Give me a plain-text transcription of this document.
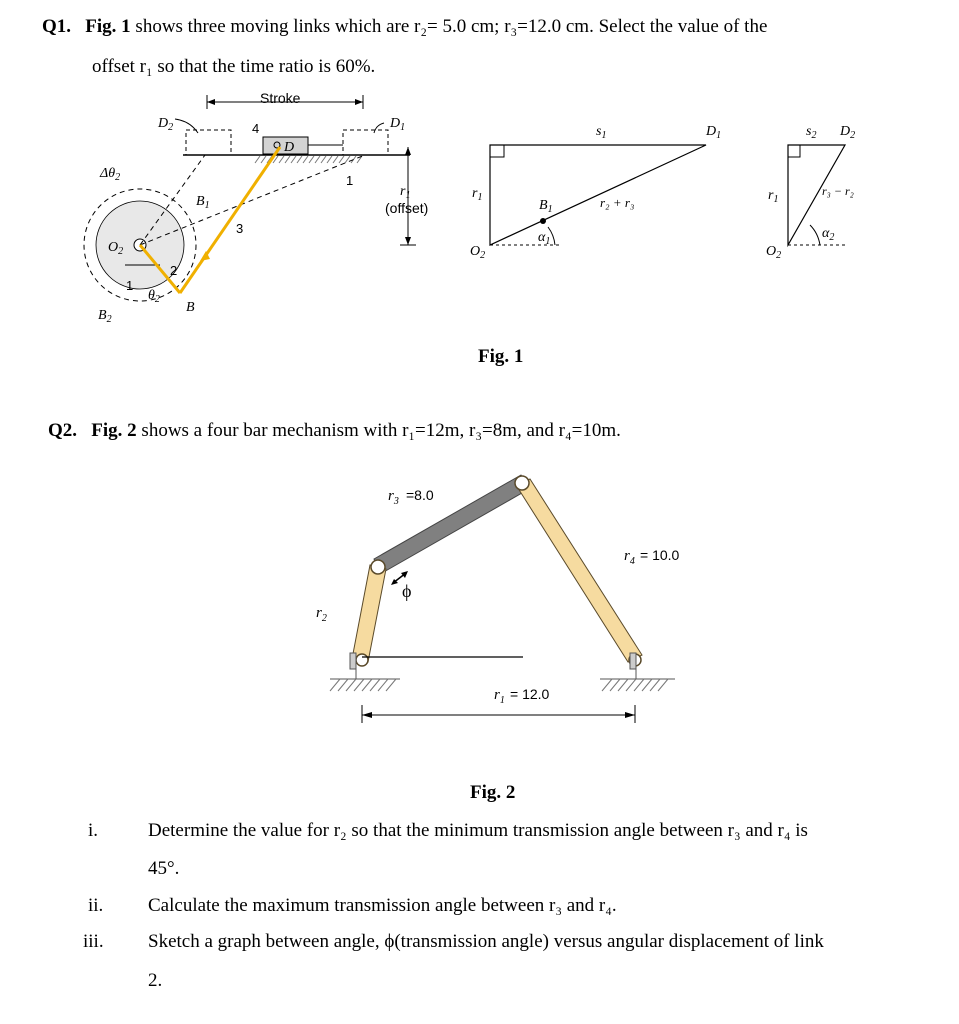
Q1. Fig. 1 shows three moving links which are r₂= 5.0 cm; r₃=12.0 cm. Select the value of the
offset r₁ so that the time ratio is 60%.
Stroke
D
4
$D_2$	$D_1$
$r_1$
(offset)
$\Delta\theta_2$
$O_2$
$B_1$
3
2
1
$\theta_2$
1
B
$B_2$
$s_1$	$D_1$
$r_1$
$B_1$	r₂ + r₃
$\alpha_1$
$O_2$
$s_2$ $D_2$
$r_1$
r₃ − r₂
$\alpha_2$
$O_2$
Fig. 1
Q2. Fig. 2 shows a four bar mechanism with r₁=12m, r₃=8m, and r₄=10m.
$r_3 =8.0$
$r_4 = 10.0$
$r_2$
ϕ
$r_1 = 12.0$
Fig. 2
i.	Determine the value for r₂ so that the minimum transmission angle between r₃ and r₄ is
45°.
ii. Calculate the maximum transmission angle between r₃ and r₄.
iii. Sketch a graph between angle, ϕ(transmission angle) versus angular displacement of link
2.
